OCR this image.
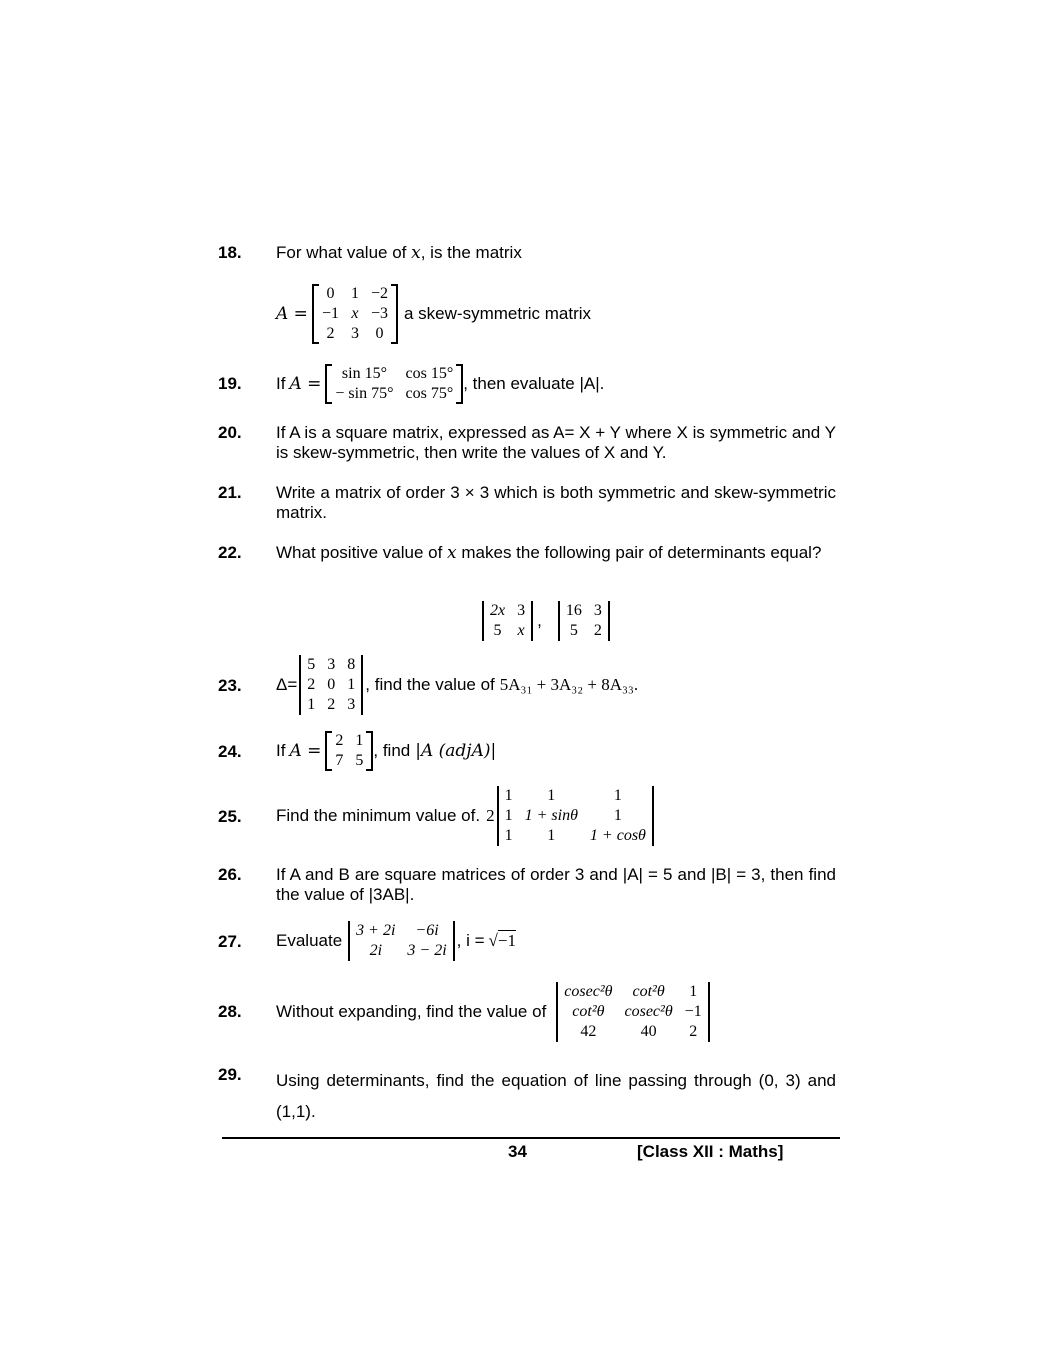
18. For what value of x, is the matrix
A =
0	1	−2
−1	x	−3
2	3	0
a skew-symmetric matrix
19. If A =
sin 15°	cos 15°
− sin 75°	cos 75°
, then evaluate |A|.
20. If A is a square matrix, expressed as A= X + Y where X is symmetric and Y is skew-symmetric, then write the values of X and Y.
21. Write a matrix of order 3 × 3 which is both symmetric and skew-symmetric matrix.
22. What positive value of x makes the following pair of determinants equal?
2x	3
5	x
,
16	3
5	2
23. Δ=
5	3	8
2	0	1
1	2	3
, find the value of 5A₃₁ + 3A₃₂ + 8A₃₃.
24. If A =
2	1
7	5
, find |A (adjA)|
25. Find the minimum value of. 2
1	1	1
1	1 + sinθ	1
1	1	1 + cosθ
26. If A and B are square matrices of order 3 and |A| = 5 and |B| = 3, then find the value of |3AB|.
27. Evaluate
3 + 2i	−6i
2i	3 − 2i
, i = √−1
28. Without expanding, find the value of
cosec²θ	cot²θ	1
cot²θ	cosec²θ	−1
42	40	2
29. Using determinants, find the equation of line passing through (0, 3) and (1,1).
34	[Class XII : Maths]
